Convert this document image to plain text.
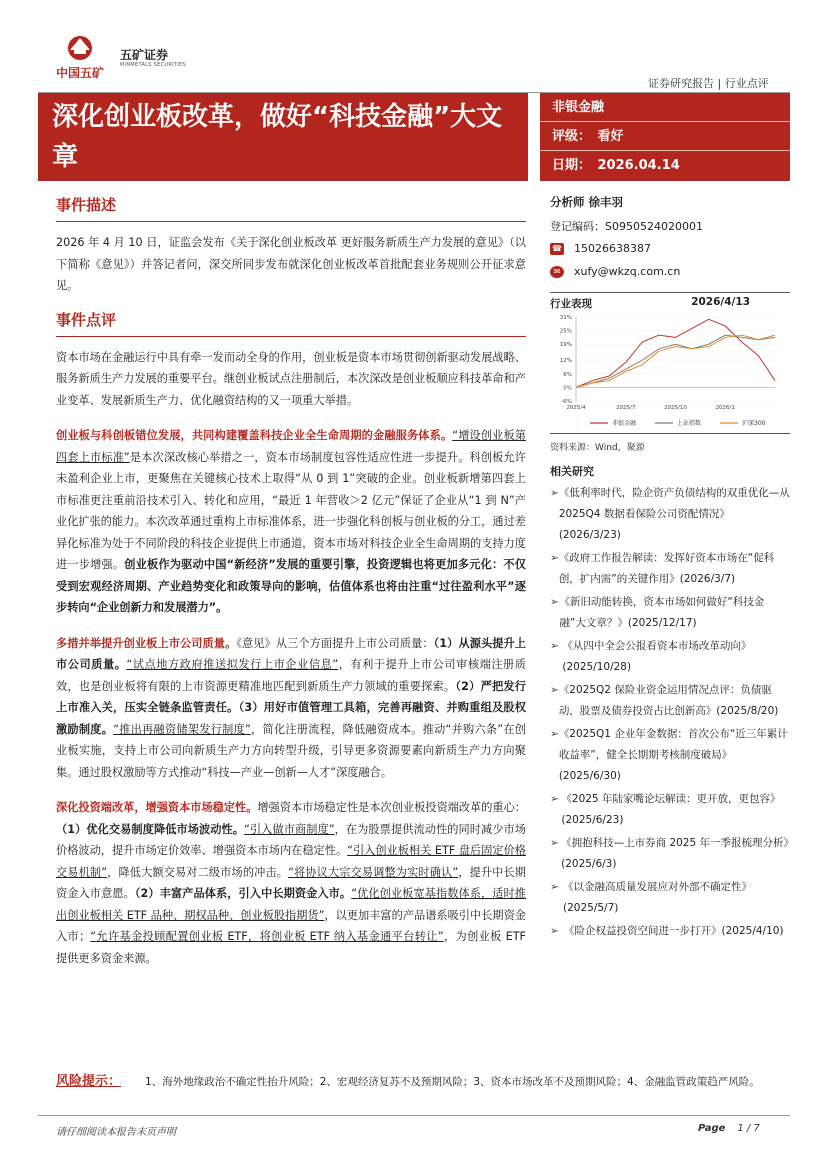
中国五矿
五矿证券
MINMETALS SECURITIES
证券研究报告 | 行业点评
深化创业板改革，做好“科技金融”大文章
非银金融
评级：　看好
日期：　2026.04.14
事件描述
2026 年 4 月 10 日，证监会发布《关于深化创业板改革 更好服务新质生产力发展的意见》（以下简称《意见》）并答记者问，深交所同步发布就深化创业板改革首批配套业务规则公开征求意见。
事件点评
资本市场在金融运行中具有牵一发而动全身的作用，创业板是资本市场贯彻创新驱动发展战略、服务新质生产力发展的重要平台。继创业板试点注册制后，本次深改是创业板顺应科技革命和产业变革、发展新质生产力、优化融资结构的又一项重大举措。
创业板与科创板错位发展，共同构建覆盖科技企业全生命周期的金融服务体系。“增设创业板第四套上市标准”是本次深改核心举措之一，资本市场制度包容性适应性进一步提升。科创板允许未盈利企业上市，更聚焦在关键核心技术上取得“从 0 到 1”突破的企业。创业板新增第四套上市标准更注重前沿技术引入、转化和应用，“最近 1 年营收＞2 亿元”保证了企业从“1 到 N”产业化扩张的能力。本次改革通过重构上市标准体系，进一步强化科创板与创业板的分工，通过差异化标准为处于不同阶段的科技企业提供上市通道，资本市场对科技企业全生命周期的支持力度进一步增强。创业板作为驱动中国“新经济”发展的重要引擎，投资逻辑也将更加多元化：不仅受到宏观经济周期、产业趋势变化和政策导向的影响，估值体系也将由注重“过往盈利水平”逐步转向“企业创新力和发展潜力”。
多措并举提升创业板上市公司质量。《意见》从三个方面提升上市公司质量：（1）从源头提升上市公司质量。“试点地方政府推送拟发行上市企业信息”，有利于提升上市公司审核端注册质效，也是创业板将有限的上市资源更精准地匹配到新质生产力领域的重要探索。（2）严把发行上市准入关，压实全链条监管责任。（3）用好市值管理工具箱，完善再融资、并购重组及股权激励制度。“推出再融资储架发行制度”，简化注册流程，降低融资成本。推动“并购六条”在创业板实施，支持上市公司向新质生产力方向转型升级，引导更多资源要素向新质生产力方向聚集。通过股权激励等方式推动“科技—产业—创新—人才”深度融合。
深化投资端改革，增强资本市场稳定性。增强资本市场稳定性是本次创业板投资端改革的重心：（1）优化交易制度降低市场波动性。“引入做市商制度”，在为股票提供流动性的同时减少市场价格波动，提升市场定价效率、增强资本市场内在稳定性。“引入创业板相关 ETF 盘后固定价格交易机制”，降低大额交易对二级市场的冲击。“将协议大宗交易调整为实时确认”，提升中长期资金入市意愿。（2）丰富产品体系，引入中长期资金入市。“优化创业板宽基指数体系，适时推出创业板相关 ETF 品种、期权品种、创业板股指期货”，以更加丰富的产品谱系吸引中长期资金入市；“允许基金投顾配置创业板 ETF，将创业板 ETF 纳入基金通平台转让”，为创业板 ETF 提供更多资金来源。
分析师 徐丰羽
登记编码：S0950524020001
☎ 15026638387
✉	xufy@wkzq.com.cn
行业表现	2026/4/13
31%
25%
19%
12%
6%
0%
-6%
2025/4	2025/7	2025/10	2026/1
非银金融	上证指数	沪深300
资料来源：Wind，聚源
相关研究
➢ 《低利率时代，险企资产负债结构的双重优化—从 2025Q4 数据看保险公司资配情况》(2026/3/23)
➢ 《政府工作报告解读：发挥好资本市场在“促科创，扩内需”的关键作用》(2026/3/7)
➢ 《新旧动能转换，资本市场如何做好“科技金融”大文章？》(2025/12/17)
➢ 《从四中全会公报看资本市场改革动向》(2025/10/28)
➢ 《2025Q2 保险业资金运用情况点评：负债驱动，股票及债券投资占比创新高》(2025/8/20)
➢ 《2025Q1 企业年金数据：首次公布“近三年累计收益率”，健全长期期考核制度破局》(2025/6/30)
➢ 《2025 年陆家嘴论坛解读：更开放，更包容》(2025/6/23)
➢ 《拥抱科技—上市券商 2025 年一季报梳理分析》(2025/6/3)
➢ 《以金融高质量发展应对外部不确定性》(2025/5/7)
➢ 《险企权益投资空间进一步打开》(2025/4/10)
风险提示： 1、海外地缘政治不确定性抬升风险；2、宏观经济复苏不及预期风险；3、资本市场改革不及预期风险；4、金融监管政策趋严风险。
请仔细阅读本报告末页声明	Page 1 / 7
